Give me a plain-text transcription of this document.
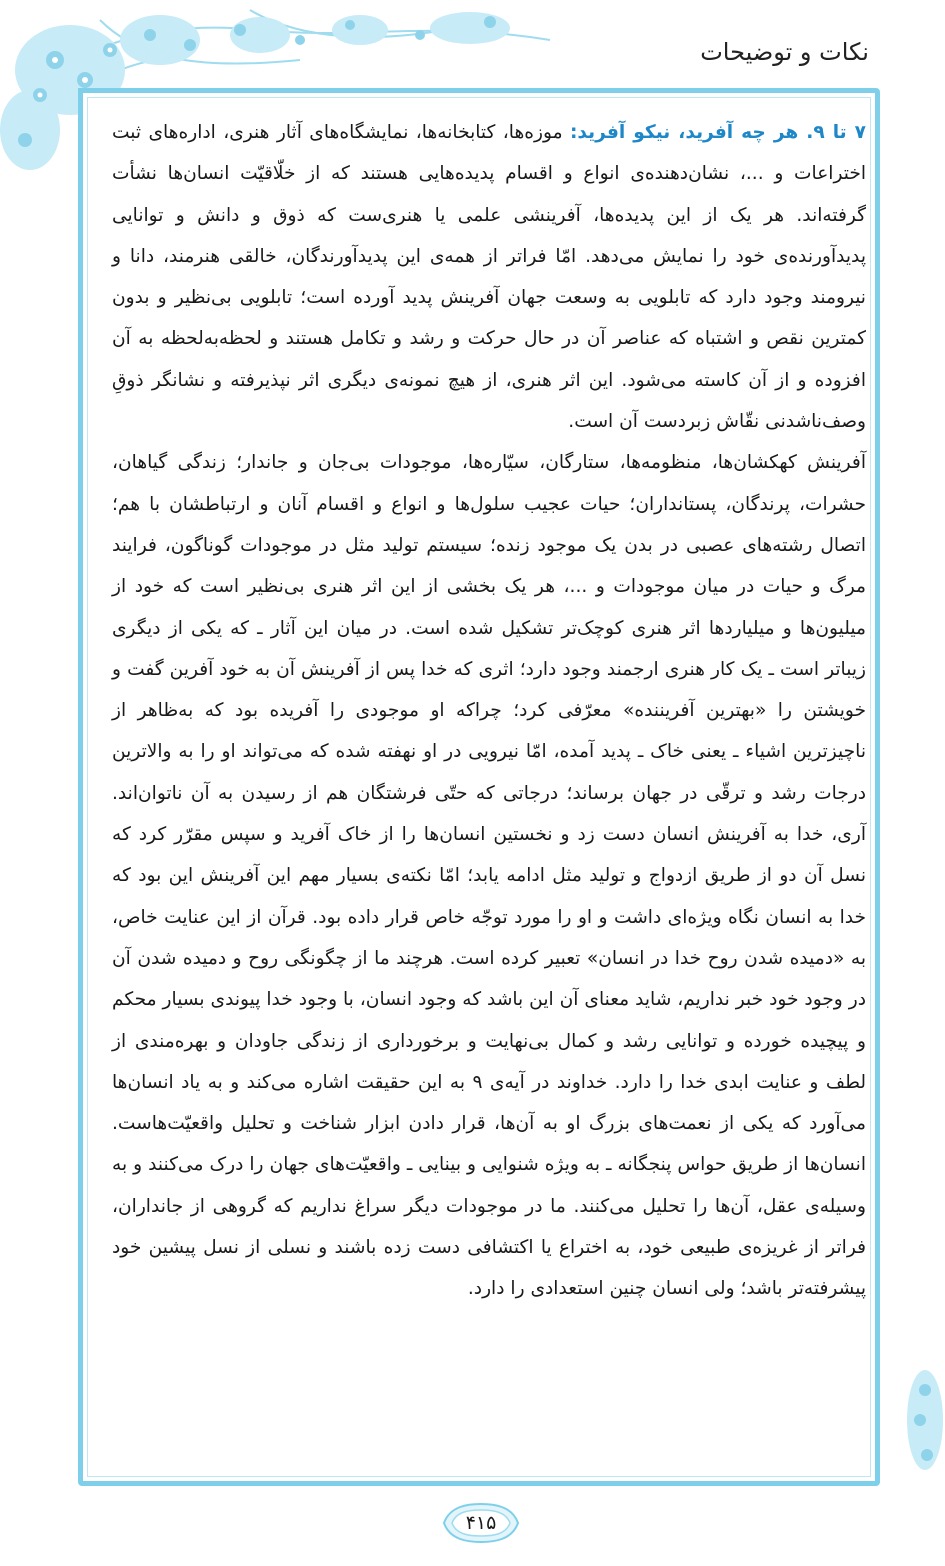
نکات و توضیحات

۷ تا ۹. هر چه آفرید، نیکو آفرید: موزه‌ها، کتابخانه‌ها، نمایشگاه‌های آثار هنری، اداره‌های ثبت اختراعات و ...، نشان‌دهنده‌ی انواع و اقسام پدیده‌هایی هستند که از خلّاقیّت انسان‌ها نشأت گرفته‌اند. هر یک از این پدیده‌ها، آفرینشی علمی یا هنری‌ست که ذوق و دانش و توانایی پدیدآورنده‌ی خود را نمایش می‌دهد. امّا فراتر از همه‌ی این پدیدآورندگان، خالقی هنرمند، دانا و نیرومند وجود دارد که تابلویی به وسعت جهان آفرینش پدید آورده است؛ تابلویی بی‌نظیر و بدون کمترین نقص و اشتباه که عناصر آن در حال حرکت و رشد و تکامل هستند و لحظه‌به‌لحظه به آن افزوده و از آن کاسته می‌شود. این اثر هنری، از هیچ نمونه‌ی دیگری اثر نپذیرفته و نشانگر ذوقِ وصف‌ناشدنی نقّاش زبردست آن است.

آفرینش کهکشان‌ها، منظومه‌ها، ستارگان، سیّاره‌ها، موجودات بی‌جان و جاندار؛ زندگی گیاهان، حشرات، پرندگان، پستانداران؛ حیات عجیب سلول‌ها و انواع و اقسام آنان و ارتباطشان با هم؛ اتصال رشته‌های عصبی در بدن یک موجود زنده؛ سیستم تولید مثل در موجودات گوناگون، فرایند مرگ و حیات در میان موجودات و ...، هر یک بخشی از این اثر هنری بی‌نظیر است که خود از میلیون‌ها و میلیاردها اثر هنری کوچک‌تر تشکیل شده است. در میان این آثار ـ که یکی از دیگری زیباتر است ـ یک کار هنری ارجمند وجود دارد؛ اثری که خدا پس از آفرینش آن به خود آفرین گفت و خویشتن را «بهترین آفریننده» معرّفی کرد؛ چراکه او موجودی را آفریده بود که به‌ظاهر از ناچیزترین اشیاء ـ یعنی خاک ـ پدید آمده، امّا نیرویی در او نهفته شده که می‌تواند او را به والاترین درجات رشد و ترقّی در جهان برساند؛ درجاتی که حتّی فرشتگان هم از رسیدن به آن ناتوان‌اند. آری، خدا به آفرینش انسان دست زد و نخستین انسان‌ها را از خاک آفرید و سپس مقرّر کرد که نسل آن دو از طریق ازدواج و تولید مثل ادامه یابد؛ امّا نکته‌ی بسیار مهم این آفرینش این بود که خدا به انسان نگاه ویژه‌ای داشت و او را مورد توجّه خاص قرار داده بود. قرآن از این عنایت خاص، به «دمیده شدن روح خدا در انسان» تعبیر کرده است. هرچند ما از چگونگی روح و دمیده شدن آن در وجود خود خبر نداریم، شاید معنای آن این باشد که وجود انسان، با وجود خدا پیوندی بسیار محکم و پیچیده خورده و توانایی رشد و کمال بی‌نهایت و برخورداری از زندگی جاودان و بهره‌مندی از لطف و عنایت ابدی خدا را دارد. خداوند در آیه‌ی ۹ به این حقیقت اشاره می‌کند و به یاد انسان‌ها می‌آورد که یکی از نعمت‌های بزرگ او به آن‌ها، قرار دادن ابزار شناخت و تحلیل واقعیّت‌هاست. انسان‌ها از طریق حواس پنجگانه ـ به ویژه شنوایی و بینایی ـ واقعیّت‌های جهان را درک می‌کنند و به وسیله‌ی عقل، آن‌ها را تحلیل می‌کنند. ما در موجودات دیگر سراغ نداریم که گروهی از جانداران، فراتر از غریزه‌ی طبیعی خود، به اختراع یا اکتشافی دست زده باشند و نسلی از نسل پیشین خود پیشرفته‌تر باشد؛ ولی انسان چنین استعدادی را دارد.

۴۱۵
